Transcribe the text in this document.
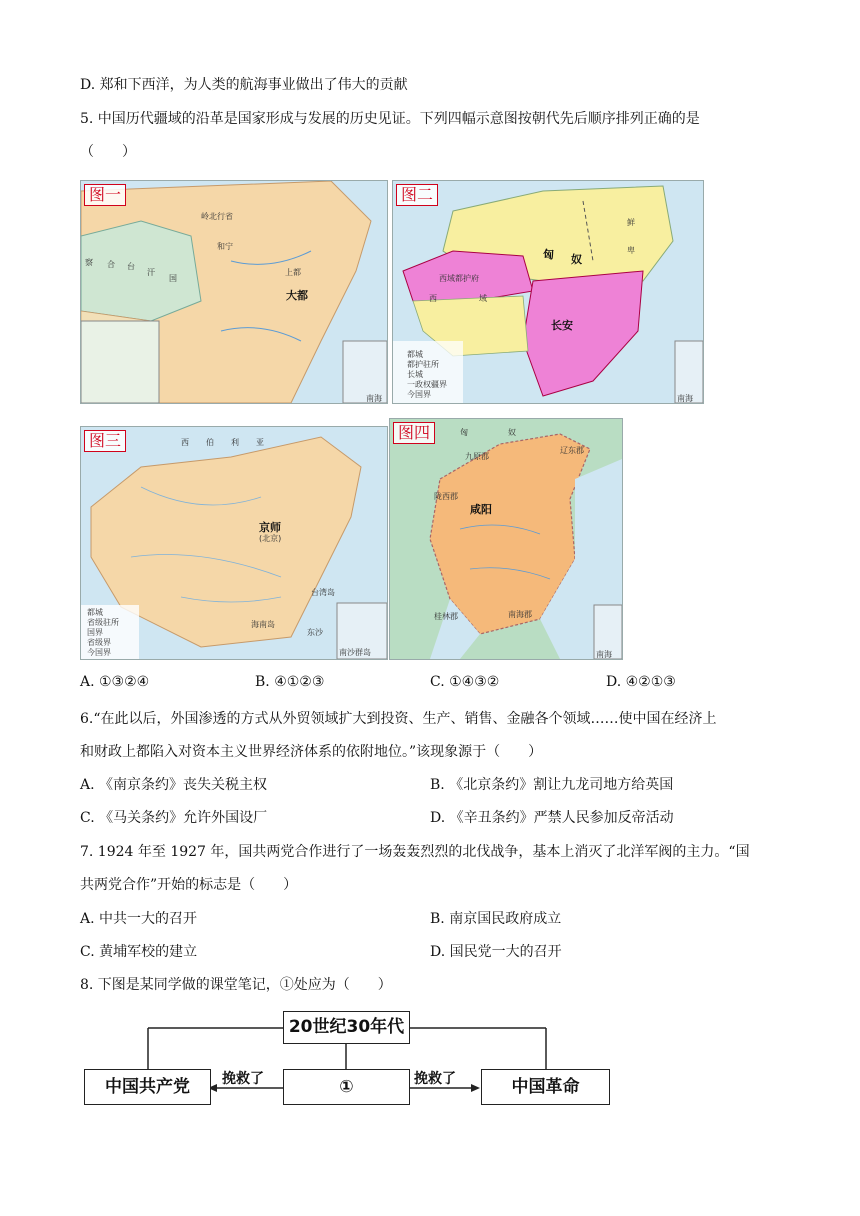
D. 郑和下西洋，为人类的航海事业做出了伟大的贡献
5. 中国历代疆域的沿革是国家形成与发展的历史见证。下列四幅示意图按朝代先后顺序排列正确的是
（　　）
图一
察 合 台
汗
国
和宁
上都
大都
岭北行省
南海
图二
匈 奴
西域都护府
西	域
长安
鲜
卑
都城
都护驻所
长城
一政权疆界
今国界	南海
图三	西 伯 利 亚
京师
(北京)
台湾岛
海南岛
东沙
南沙群岛
都城
省级驻所
国界
省级界
今国界
图四	匈	奴
九原郡
陇西郡
咸阳
辽东郡
南海郡
桂林郡
南海
A. ①③②④	B. ④①②③	C. ①④③②	D. ④②①③
6.“在此以后，外国渗透的方式从外贸领域扩大到投资、生产、销售、金融各个领域……使中国在经济上
和财政上都陷入对资本主义世界经济体系的依附地位。”该现象源于（　　）
A. 《南京条约》丧失关税主权	B. 《北京条约》割让九龙司地方给英国
C. 《马关条约》允许外国设厂	D. 《辛丑条约》严禁人民参加反帝活动
7. 1924 年至 1927 年，国共两党合作进行了一场轰轰烈烈的北伐战争，基本上消灭了北洋军阀的主力。“国
共两党合作”开始的标志是（　　）
A. 中共一大的召开	B. 南京国民政府成立
C. 黄埔军校的建立	D. 国民党一大的召开
8. 下图是某同学做的课堂笔记，①处应为（　　）
20世纪30年代
中国共产党	①	中国革命
挽救了	挽救了
